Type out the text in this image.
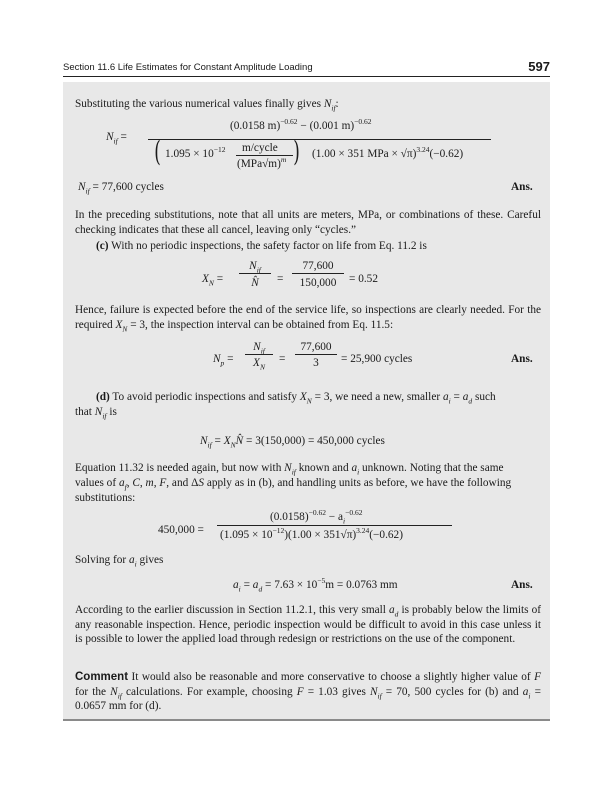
Section 11.6 Life Estimates for Constant Amplitude Loading	597
Substituting the various numerical values finally gives $N_{if}$:
$N_{if}$ =
(0.0158 m)$^{-0.62}$ − (0.001 m)$^{-0.62}$
( $1.095 \times 10^{-12}$ m/cycle
$(MPa√m)^m$ ) (1.00 × 351 MPa × √π)$^{3.24}$(−0.62)
$N_{if} = 77,600$ cycles	Ans.
In the preceding substitutions, note that all units are meters, MPa, or combinations of these. Careful checking indicates that these all cancel, leaving only “cycles.”
(c) With no periodic inspections, the safety factor on life from Eq. 11.2 is
$X_N$ =
$N_{if}$
N̂	=
77,600
150,000	= 0.52
Hence, failure is expected before the end of the service life, so inspections are clearly needed. For the required $X_N = 3$, the inspection interval can be obtained from Eq. 11.5:
$N_p$ =
$N_{if}$
$X_N$
=
77,600
3	= 25,900 cycles	Ans.
(d) To avoid periodic inspections and satisfy $X_N = 3$, we need a new, smaller $a_i = a_d$ such
that $N_{if}$ is
$N_{if}$ = $X_NN̂ = 3(150,000) = 450,000$ cycles
Equation 11.32 is needed again, but now with $N_{if}$ known and $a_i$ unknown. Noting that the same
values of $a_f$, C, m, F, and ΔS apply as in (b), and handling units as before, we have the following
substitutions:
450,000 =
$(0.0158)^{-0.62} - a_i^{-0.62}$
$(1.095 \times 10^{-12})(1.00 \times 351√\pi)^{3.24}(-0.62)$
Solving for $a_i$ gives
$a_i = a_d = 7.63 \times 10^{-5}m = 0.0763$ mm	Ans.
According to the earlier discussion in Section 11.2.1, this very small $a_d$ is probably below the limits of any reasonable inspection. Hence, periodic inspection would be difficult to avoid in this case unless it is possible to lower the applied load through redesign or restrictions on the use of the component.
Comment It would also be reasonable and more conservative to choose a slightly higher value of F for the $N_{if}$ calculations. For example, choosing F = 1.03 gives $N_{if} = 70$, 500 cycles for (b) and $a_i = 0.0657$ mm for (d).
